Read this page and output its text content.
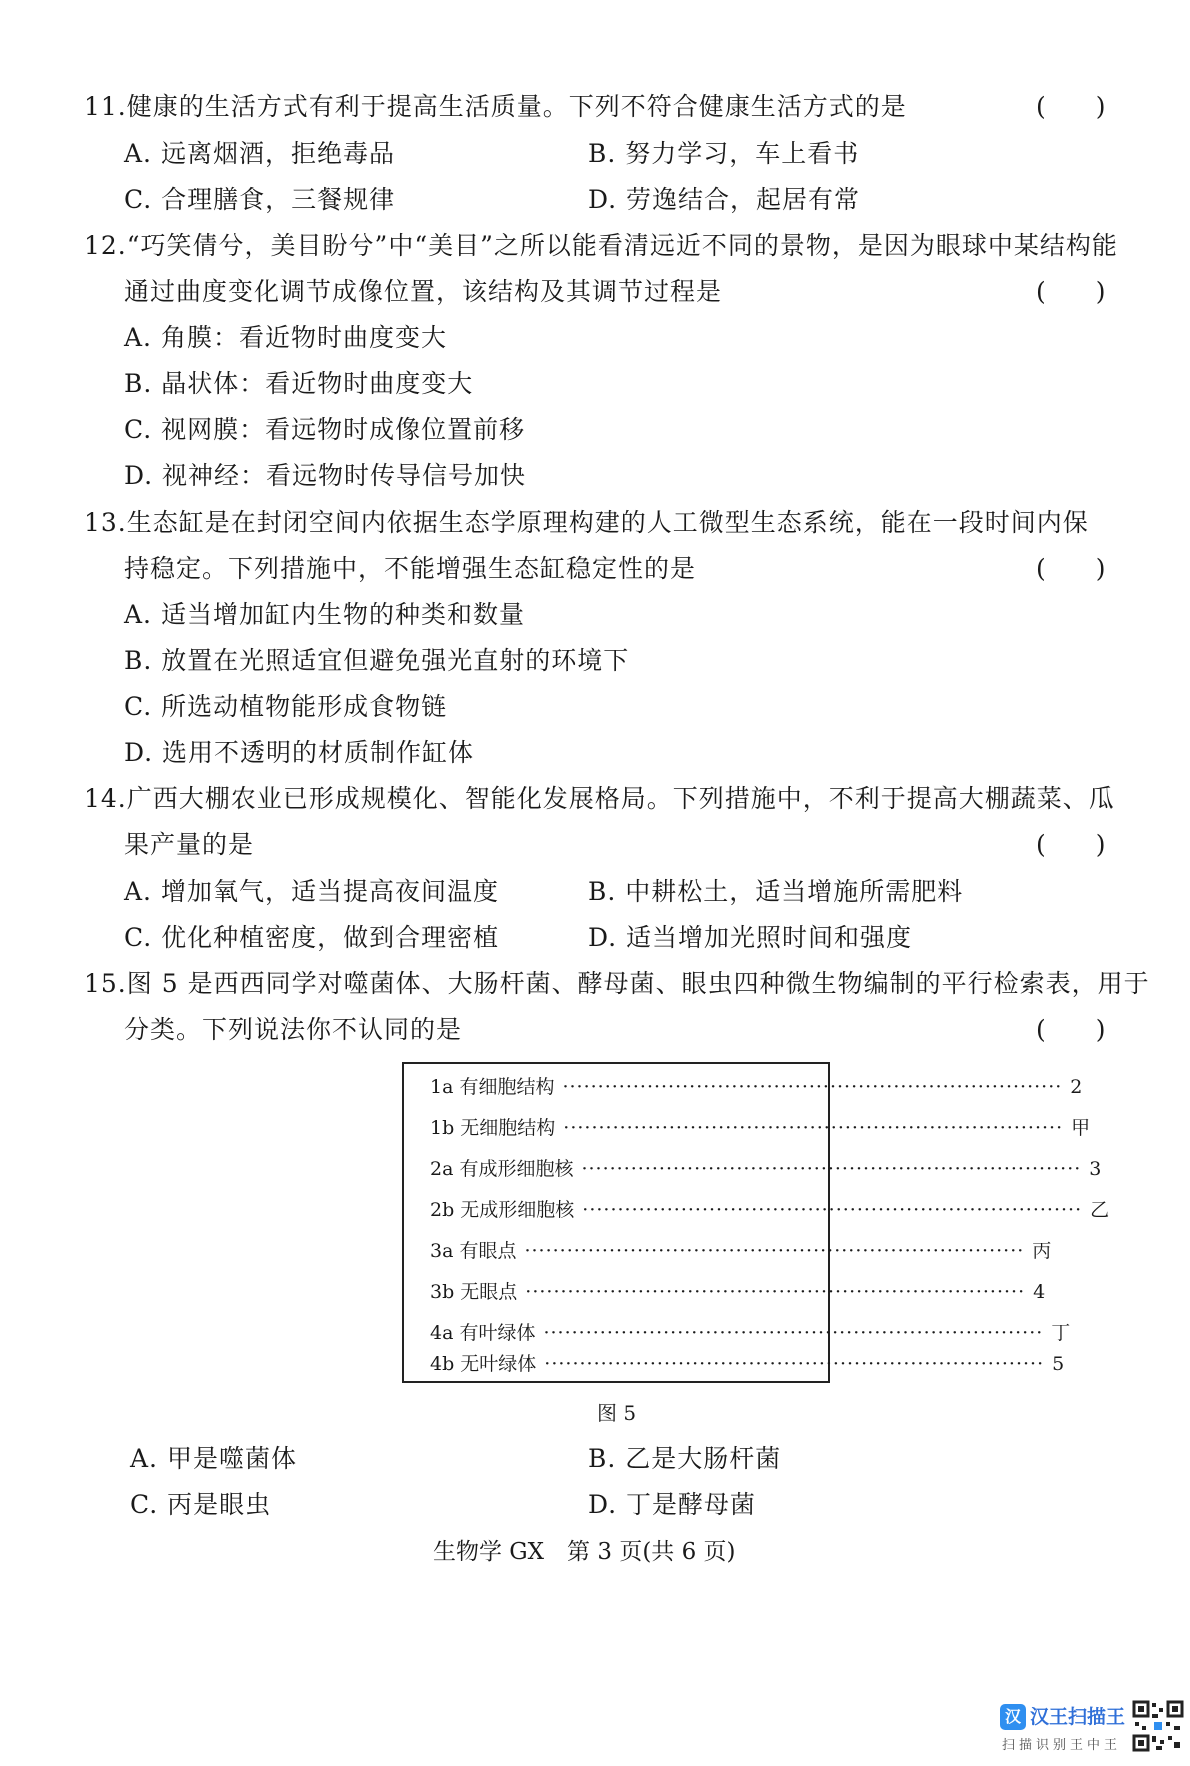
11.健康的生活方式有利于提高生活质量。下列不符合健康生活方式的是	(　　)
A. 远离烟酒，拒绝毒品	B. 努力学习，车上看书
C. 合理膳食，三餐规律	D. 劳逸结合，起居有常
12.“巧笑倩兮，美目盼兮”中“美目”之所以能看清远近不同的景物，是因为眼球中某结构能
通过曲度变化调节成像位置，该结构及其调节过程是	(　　)
A. 角膜：看近物时曲度变大
B. 晶状体：看近物时曲度变大
C. 视网膜：看远物时成像位置前移
D. 视神经：看远物时传导信号加快
13.生态缸是在封闭空间内依据生态学原理构建的人工微型生态系统，能在一段时间内保
持稳定。下列措施中，不能增强生态缸稳定性的是	(　　)
A. 适当增加缸内生物的种类和数量
B. 放置在光照适宜但避免强光直射的环境下
C. 所选动植物能形成食物链
D. 选用不透明的材质制作缸体
14.广西大棚农业已形成规模化、智能化发展格局。下列措施中，不利于提高大棚蔬菜、瓜
果产量的是	(　　)
A. 增加氧气，适当提高夜间温度	B. 中耕松土，适当增施所需肥料
C. 优化种植密度，做到合理密植	D. 适当增加光照时间和强度
15.图 5 是西西同学对噬菌体、大肠杆菌、酵母菌、眼虫四种微生物编制的平行检索表，用于
分类。下列说法你不认同的是	(　　)
1a 有细胞结构 ······································································· 2
1b 无细胞结构 ······································································· 甲
2a 有成形细胞核 ······································································· 3
2b 无成形细胞核 ······································································· 乙
3a 有眼点 ······································································· 丙
3b 无眼点 ······································································· 4
4a 有叶绿体 ······································································· 丁
4b 无叶绿体 ······································································· 5
图 5
A. 甲是噬菌体	B. 乙是大肠杆菌
C. 丙是眼虫	D. 丁是酵母菌
生物学 GX　第 3 页(共 6 页)
汉 汉王扫描王
扫描识别王中王
